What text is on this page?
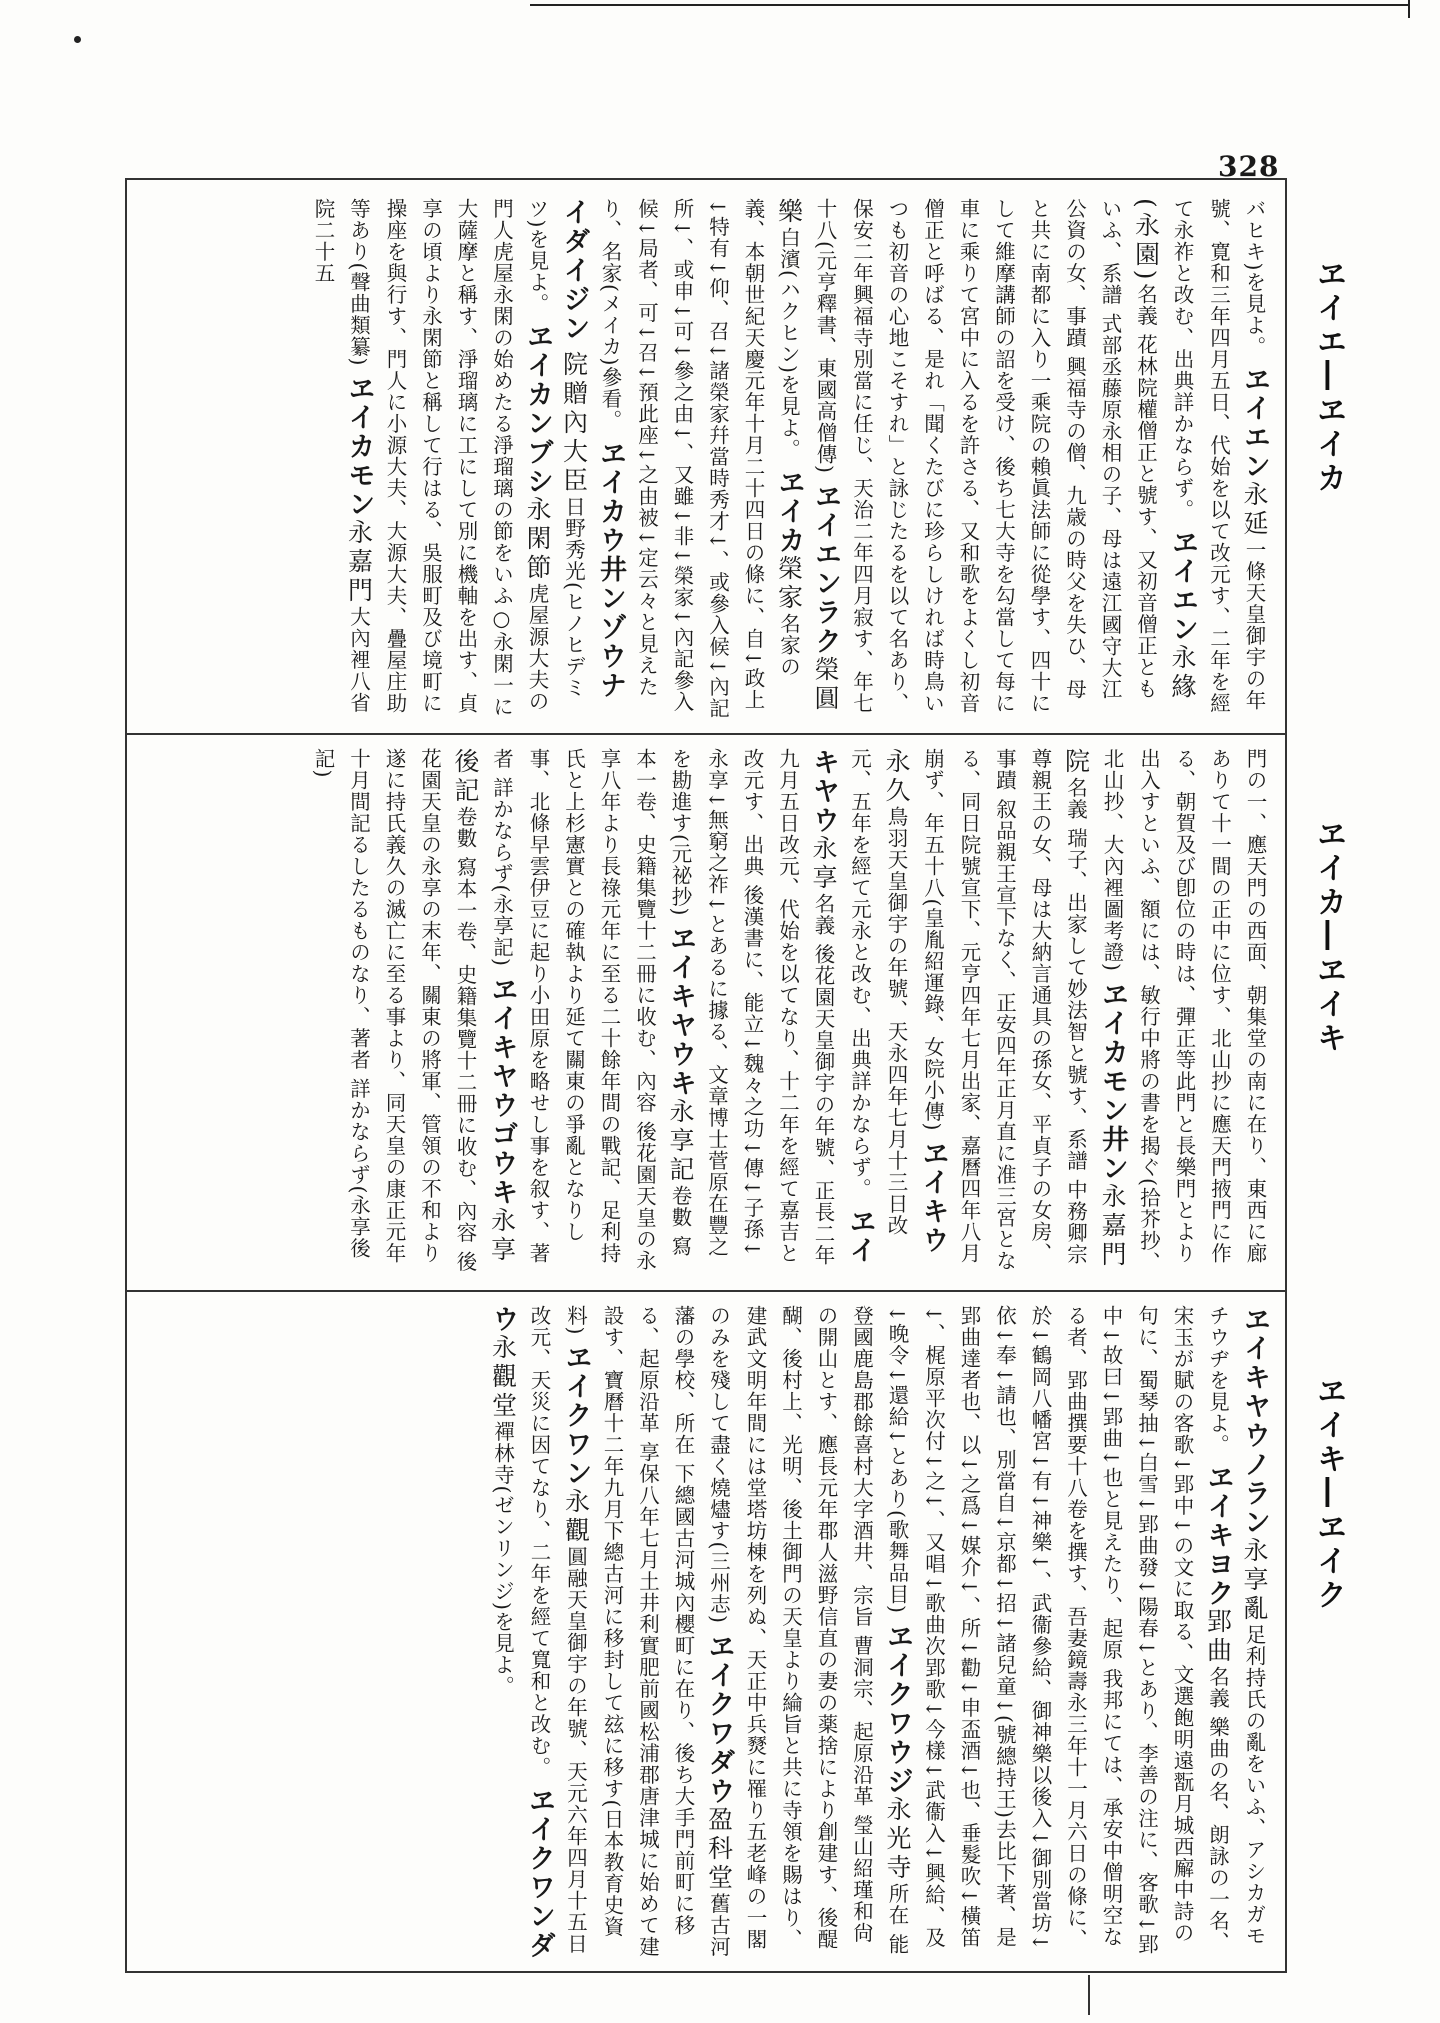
328
ヱイエ―ヱイカ
ヱイカ―ヱイキ
ヱイキ―ヱイク
バヒキ)を見よ。 ヱイエン永延一條天皇御宇の年號、寛和三年四月五日、代始を以て改元す、二年を經て永祚と改む、出典詳かならず。 ヱイエン永緣(永園)名義 花林院權僧正と號す、又初音僧正ともいふ、系譜 式部丞藤原永相の子、母は遠江國守大江公資の女、事蹟 興福寺の僧、九歳の時父を失ひ、母と共に南都に入り一乘院の賴眞法師に從學す、四十にして維摩講師の詔を受け、後ち七大寺を勾當して每に車に乘りて宮中に入るを許さる、又和歌をよくし初音僧正と呼ばる、是れ「聞くたびに珍らしければ時鳥いつも初音の心地こそすれ」と詠じたるを以て名あり、保安二年興福寺別當に任じ、天治二年四月寂す、年七十八(元亨釋書、東國高僧傳) ヱイエンラク榮圓樂白濱(ハクヒン)を見よ。 ヱイカ榮家名家の義、本朝世紀天慶元年十月二十四日の條に、自↓政上↓特有↓仰、召↓諸榮家幷當時秀才↓、或參入候↓內記所↓、或申↓可↓參之由↓、又雖↓非↓榮家↓內記參入候↓局者、可↓召↓預此座↓之由被↓定云々と見えたり、名家(メイカ)參看。 ヱイカウ井ンゾウナイダイジン 院贈內大臣日野秀光(ヒノヒデミツ)を見よ。 ヱイカンブシ永閑節虎屋源大夫の門人虎屋永閑の始めたる淨瑠璃の節をいふ○永閑一に大薩摩と稱す、淨瑠璃に工にして別に機軸を出す、貞享の頃より永閑節と稱して行はる、吳服町及び境町に操座を與行す、門人に小源大夫、大源大夫、疊屋庄助等あり(聲曲類纂) ヱイカモン永嘉門大內裡八省院二十五
門の一、應天門の西面、朝集堂の南に在り、東西に廊ありて十一間の正中に位す、北山抄に應天門掖門に作る、朝賀及び卽位の時は、彈正等此門と長樂門とより出入すといふ、額には、敏行中將の書を揭ぐ(拾芥抄、北山抄、大內裡圖考證) ヱイカモン井ン永嘉門院名義 瑞子、出家して妙法智と號す、系譜 中務卿宗尊親王の女、母は大納言通具の孫女、平貞子の女房、事蹟 叙品親王宣下なく、正安四年正月直に准三宮となる、同日院號宣下、元亨四年七月出家、嘉曆四年八月崩ず、年五十八(皇胤紹運錄、女院小傳) ヱイキウ永久鳥羽天皇御宇の年號、天永四年七月十三日改元、五年を經て元永と改む、出典詳かならず。 ヱイキヤウ永享名義 後花園天皇御宇の年號、正長二年九月五日改元、代始を以てなり、十二年を經て嘉吉と改元す、出典 後漢書に、能立↓魏々之功↓傳↓子孫↓永享↓無窮之祚↓とあるに據る、文章博士菅原在豐之を勘進す(元祕抄) ヱイキヤウキ永享記卷數 寫本一卷、史籍集覽十二冊に收む、內容 後花園天皇の永享八年より長祿元年に至る二十餘年間の戰記、足利持氏と上杉憲實との確執より延て關東の爭亂となりし事、北條早雲伊豆に起り小田原を略せし事を叙す、著者 詳かならず(永享記) ヱイキヤウゴウキ永享後記卷數 寫本一卷、史籍集覽十二冊に收む、內容 後花園天皇の永享の末年、關東の將軍、管領の不和より遂に持氏義久の滅亡に至る事より、同天皇の康正元年十月間記るしたるものなり、著者 詳かならず(永享後記)
ヱイキヤウノラン永享亂足利持氏の亂をいふ、アシカガモチウヂを見よ。 ヱイキヨク郢曲名義 樂曲の名、朗詠の一名、宋玉が賦の客歌↓郢中↓の文に取る、文選飽明遠翫月城西廨中詩の句に、蜀琴抽↓白雪↓郢曲發↓陽春↓とあり、李善の注に、客歌↓郢中↓故曰↓郢曲↓也と見えたり、起原 我邦にては、承安中僧明空なる者、郢曲撰要十八卷を撰す、吾妻鏡壽永三年十一月六日の條に、於↓鶴岡八幡宮↓有↓神樂↓、武衞參給、御神樂以後入↓御別當坊↓依↓奉↓請也、別當自↓京都↓招↓諸兒童↓(號總持王)去比下著、是郢曲達者也、以↓之爲↓媒介↓、所↓勸↓申盃酒↓也、垂髮吹↓橫笛↓、梶原平次付↓之↓、又唱↓歌曲次郢歌↓今樣↓武衞入↓興給、及↓晚令↓還給↓とあり(歌舞品目) ヱイクワウジ永光寺所在 能登國鹿島郡餘喜村大字酒井、宗旨 曹洞宗、起原沿革 瑩山紹瑾和尙の開山とす、應長元年郡人滋野信直の妻の薬捨により創建す、後醍醐、後村上、光明、後土御門の天皇より綸旨と共に寺領を賜はり、建武文明年間には堂塔坊棟を列ぬ、天正中兵燹に罹り五老峰の一閣のみを殘して盡く燒燼す(三州志) ヱイクワダウ盈科堂舊古河藩の學校、所在 下總國古河城內櫻町に在り、後ち大手門前町に移る、起原沿革 享保八年七月土井利實肥前國松浦郡唐津城に始めて建設す、寶曆十二年九月下總古河に移封して玆に移す(日本教育史資料) ヱイクワン永觀圓融天皇御宇の年號、天元六年四月十五日改元、天災に因てなり、二年を經て寬和と改む。 ヱイクワンダウ永觀堂禪林寺(ゼンリンジ)を見よ。
